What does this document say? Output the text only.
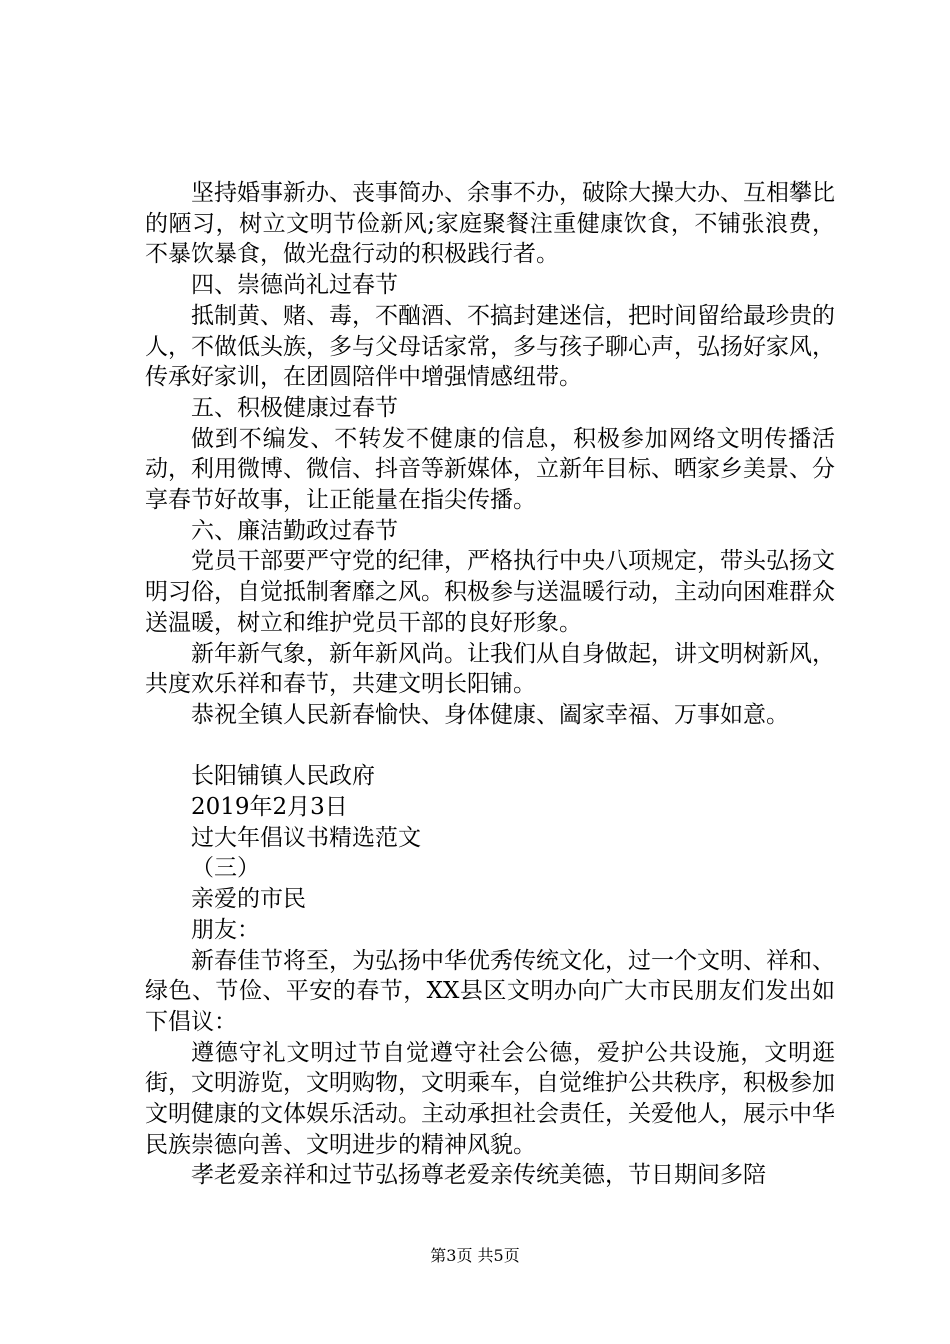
坚持婚事新办、丧事简办、余事不办，破除大操大办、互相攀比的陋习，树立文明节俭新风;家庭聚餐注重健康饮食，不铺张浪费，不暴饮暴食，做光盘行动的积极践行者。

四、崇德尚礼过春节

抵制黄、赌、毒，不酗酒、不搞封建迷信，把时间留给最珍贵的人，不做低头族，多与父母话家常，多与孩子聊心声，弘扬好家风，传承好家训，在团圆陪伴中增强情感纽带。

五、积极健康过春节

做到不编发、不转发不健康的信息，积极参加网络文明传播活动，利用微博、微信、抖音等新媒体，立新年目标、晒家乡美景、分享春节好故事，让正能量在指尖传播。

六、廉洁勤政过春节

党员干部要严守党的纪律，严格执行中央八项规定，带头弘扬文明习俗，自觉抵制奢靡之风。积极参与送温暖行动，主动向困难群众送温暖，树立和维护党员干部的良好形象。

新年新气象，新年新风尚。让我们从自身做起，讲文明树新风，共度欢乐祥和春节，共建文明长阳铺。

恭祝全镇人民新春愉快、身体健康、阖家幸福、万事如意。

长阳铺镇人民政府

2019年2月3日

过大年倡议书精选范文

（三）

亲爱的市民

朋友：

新春佳节将至，为弘扬中华优秀传统文化，过一个文明、祥和、绿色、节俭、平安的春节，XX县区文明办向广大市民朋友们发出如下倡议：

遵德守礼文明过节自觉遵守社会公德，爱护公共设施，文明逛街，文明游览，文明购物，文明乘车，自觉维护公共秩序，积极参加文明健康的文体娱乐活动。主动承担社会责任，关爱他人，展示中华民族崇德向善、文明进步的精神风貌。

孝老爱亲祥和过节弘扬尊老爱亲传统美德，节日期间多陪

第3页 共5页
